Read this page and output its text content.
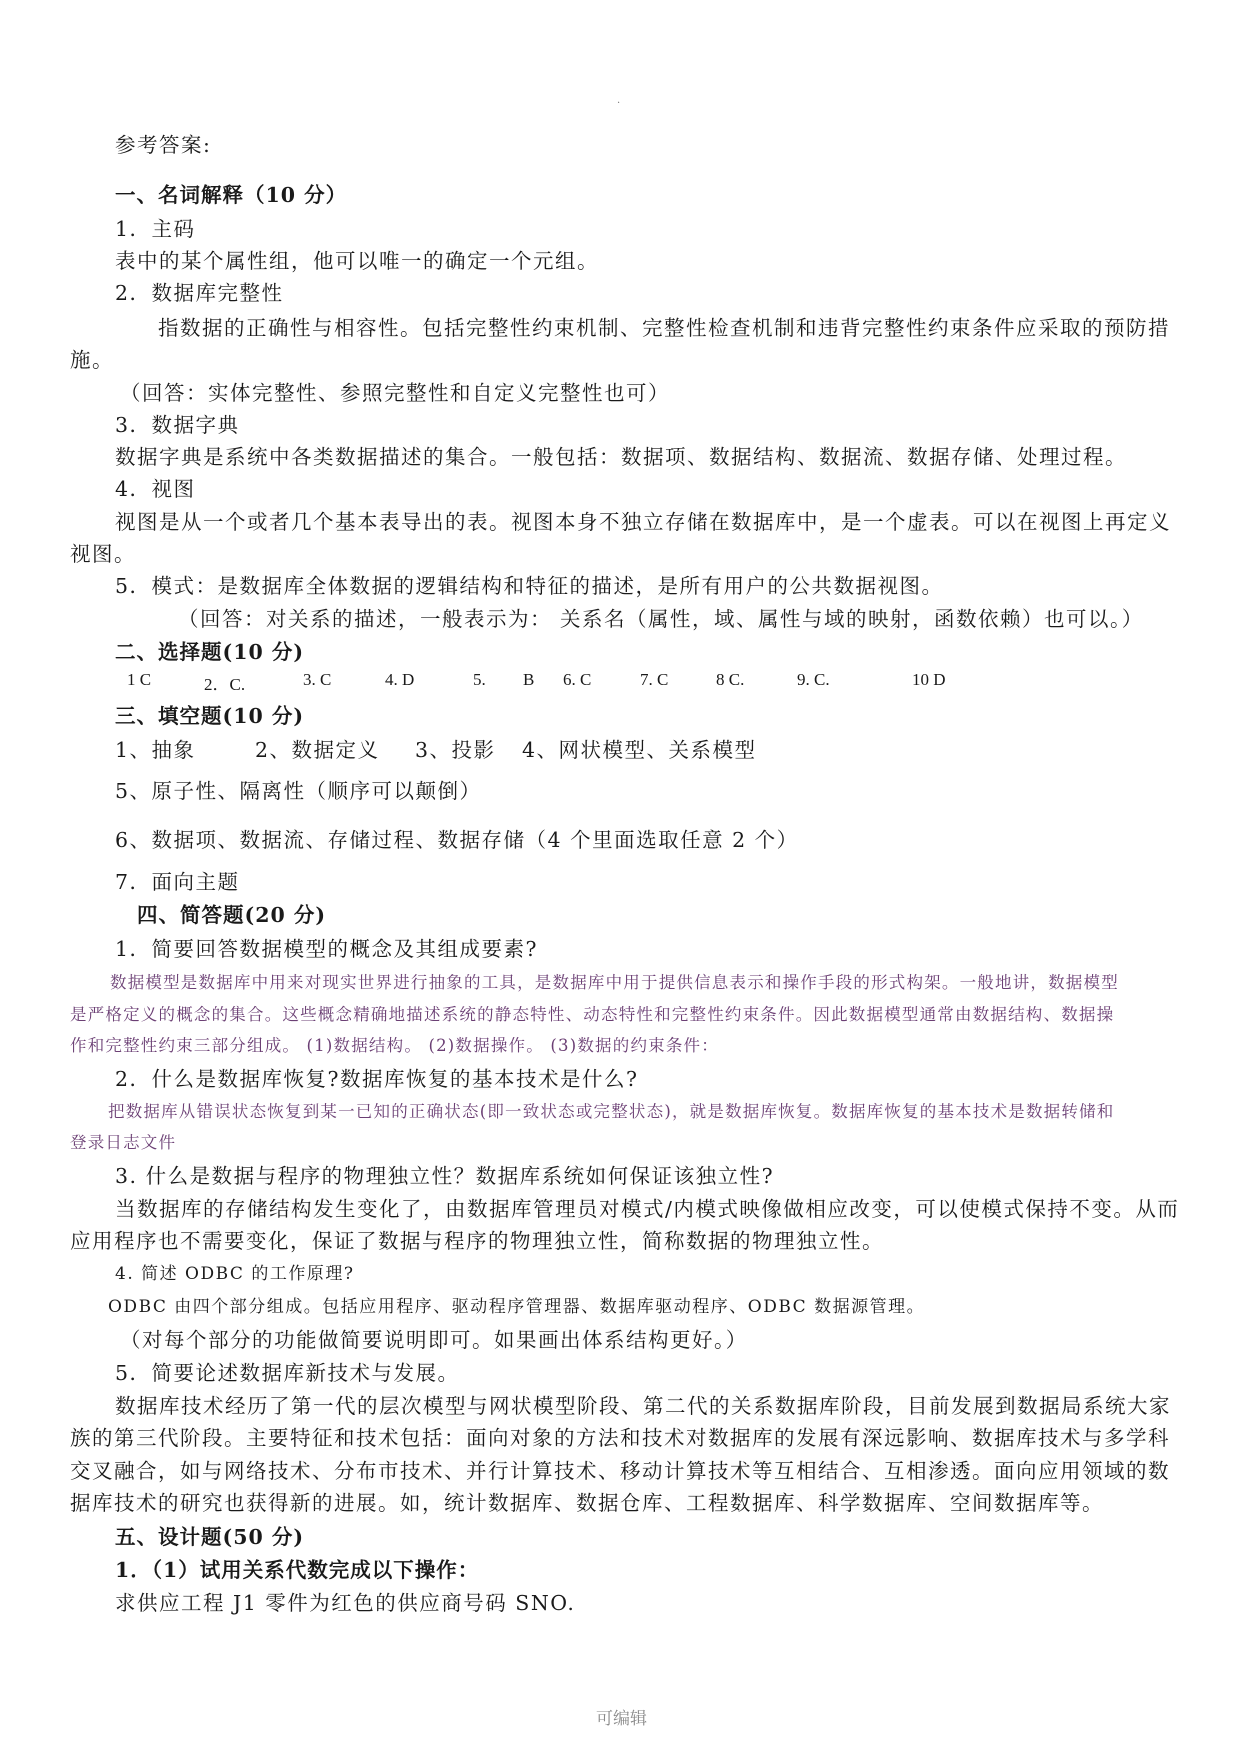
.
参考答案:
一、名词解释（10 分）
1．主码
表中的某个属性组，他可以唯一的确定一个元组。
2．数据库完整性
指数据的正确性与相容性。包括完整性约束机制、完整性检查机制和违背完整性约束条件应采取的预防措
施。
（回答：实体完整性、参照完整性和自定义完整性也可）
3．数据字典
数据字典是系统中各类数据描述的集合。一般包括：数据项、数据结构、数据流、数据存储、处理过程。
4．视图
视图是从一个或者几个基本表导出的表。视图本身不独立存储在数据库中，是一个虚表。可以在视图上再定义
视图。
5．模式：是数据库全体数据的逻辑结构和特征的描述，是所有用户的公共数据视图。
（回答：对关系的描述，一般表示为： 关系名（属性，域、属性与域的映射，函数依赖）也可以。）
二、选择题(10 分)
1 C	2．C.	3. C	4. D	5. B 6. C	7. C	8 C.	9. C.	10 D
三、填空题(10 分)
1、抽象	2、数据定义 3、投影 4、网状模型、关系模型
5、原子性、隔离性（顺序可以颠倒）
6、数据项、数据流、存储过程、数据存储（4 个里面选取任意 2 个）
7．面向主题
四、简答题(20 分)
1．简要回答数据模型的概念及其组成要素?
数据模型是数据库中用来对现实世界进行抽象的工具，是数据库中用于提供信息表示和操作手段的形式构架。一般地讲，数据模型
是严格定义的概念的集合。这些概念精确地描述系统的静态特性、动态特性和完整性约束条件。因此数据模型通常由数据结构、数据操
作和完整性约束三部分组成。 (1)数据结构。 (2)数据操作。 (3)数据的约束条件：
2．什么是数据库恢复?数据库恢复的基本技术是什么?
把数据库从错误状态恢复到某一已知的正确状态(即一致状态或完整状态)，就是数据库恢复。数据库恢复的基本技术是数据转储和
登录日志文件
3. 什么是数据与程序的物理独立性？数据库系统如何保证该独立性?
当数据库的存储结构发生变化了，由数据库管理员对模式/内模式映像做相应改变，可以使模式保持不变。从而
应用程序也不需要变化，保证了数据与程序的物理独立性，简称数据的物理独立性。
4. 简述 ODBC 的工作原理?
ODBC 由四个部分组成。包括应用程序、驱动程序管理器、数据库驱动程序、ODBC 数据源管理。
（对每个部分的功能做简要说明即可。如果画出体系结构更好。）
5．简要论述数据库新技术与发展。
数据库技术经历了第一代的层次模型与网状模型阶段、第二代的关系数据库阶段，目前发展到数据局系统大家
族的第三代阶段。主要特征和技术包括：面向对象的方法和技术对数据库的发展有深远影响、数据库技术与多学科
交叉融合，如与网络技术、分布市技术、并行计算技术、移动计算技术等互相结合、互相渗透。面向应用领域的数
据库技术的研究也获得新的进展。如，统计数据库、数据仓库、工程数据库、科学数据库、空间数据库等。
五、设计题(50 分)
1．（1）试用关系代数完成以下操作：
求供应工程 J1 零件为红色的供应商号码 SNO.
可编辑
